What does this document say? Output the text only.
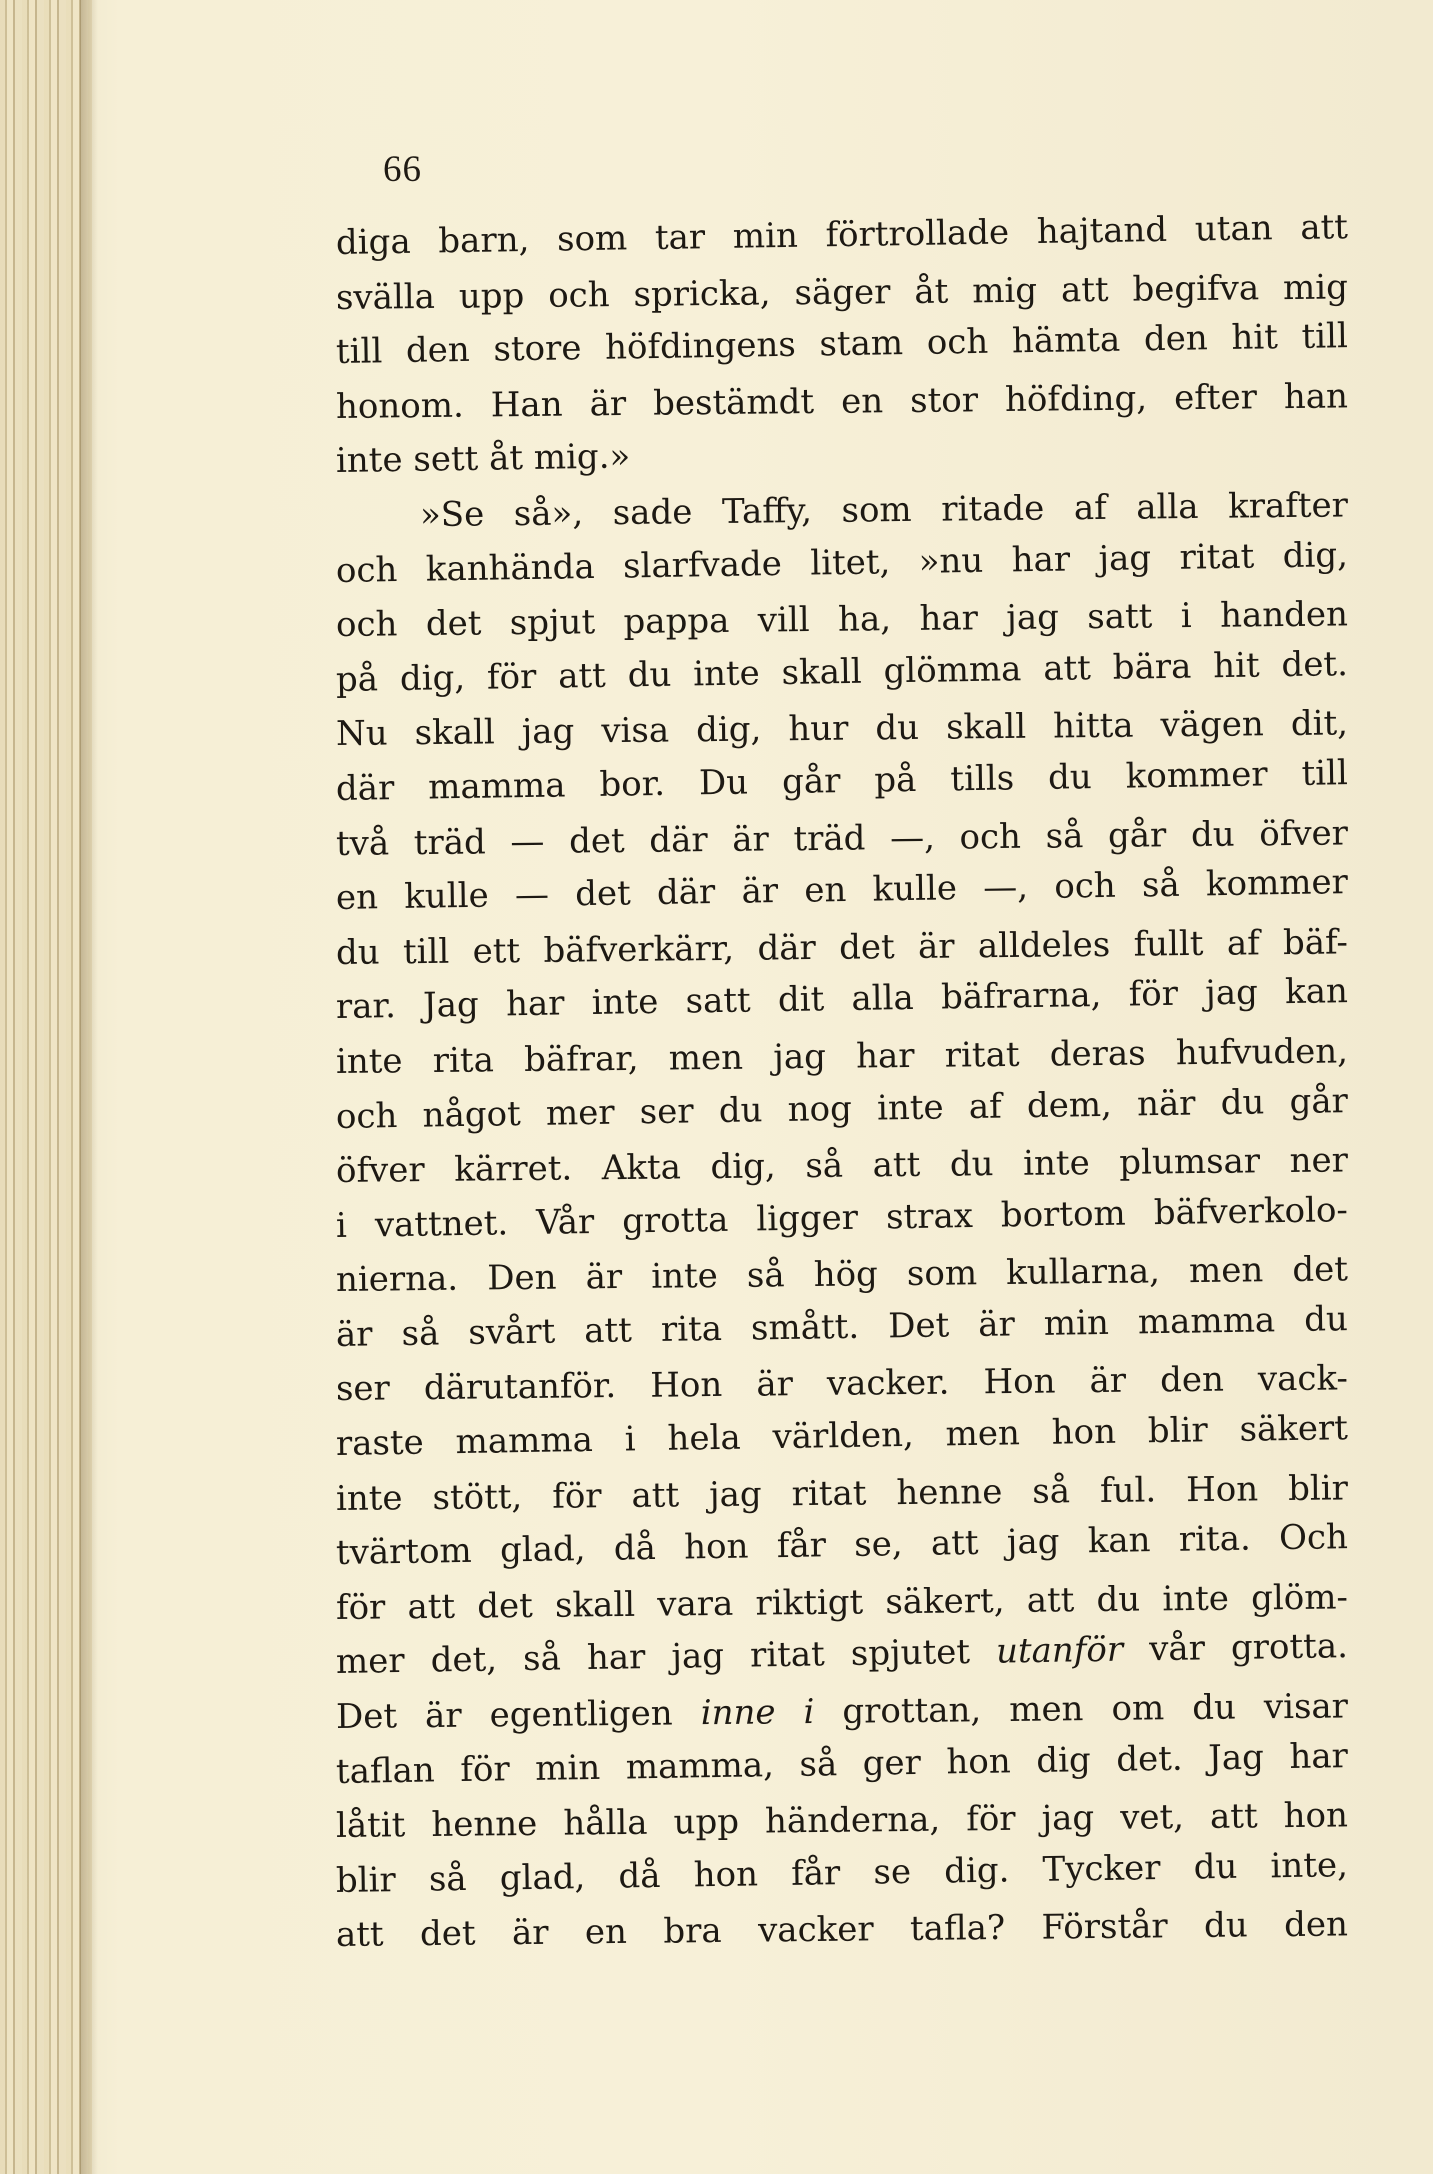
66
diga barn, som tar min förtrollade hajtand utan att
svälla upp och spricka, säger åt mig att begifva mig
till den store höfdingens stam och hämta den hit till
honom. Han är bestämdt en stor höfding, efter han
inte sett åt mig.»
»Se så», sade Taffy, som ritade af alla krafter
och kanhända slarfvade litet, »nu har jag ritat dig,
och det spjut pappa vill ha, har jag satt i handen
på dig, för att du inte skall glömma att bära hit det.
Nu skall jag visa dig, hur du skall hitta vägen dit,
där mamma bor. Du går på tills du kommer till
två träd — det där är träd —, och så går du öfver
en kulle — det där är en kulle —, och så kommer
du till ett bäfverkärr, där det är alldeles fullt af bäf-
rar. Jag har inte satt dit alla bäfrarna, för jag kan
inte rita bäfrar, men jag har ritat deras hufvuden,
och något mer ser du nog inte af dem, när du går
öfver kärret. Akta dig, så att du inte plumsar ner
i vattnet. Vår grotta ligger strax bortom bäfverkolo-
nierna. Den är inte så hög som kullarna, men det
är så svårt att rita smått. Det är min mamma du
ser därutanför. Hon är vacker. Hon är den vack-
raste mamma i hela världen, men hon blir säkert
inte stött, för att jag ritat henne så ful. Hon blir
tvärtom glad, då hon får se, att jag kan rita. Och
för att det skall vara riktigt säkert, att du inte glöm-
mer det, så har jag ritat spjutet utanför vår grotta.
Det är egentligen inne i grottan, men om du visar
taflan för min mamma, så ger hon dig det. Jag har
låtit henne hålla upp händerna, för jag vet, att hon
blir så glad, då hon får se dig. Tycker du inte,
att det är en bra vacker tafla? Förstår du den
